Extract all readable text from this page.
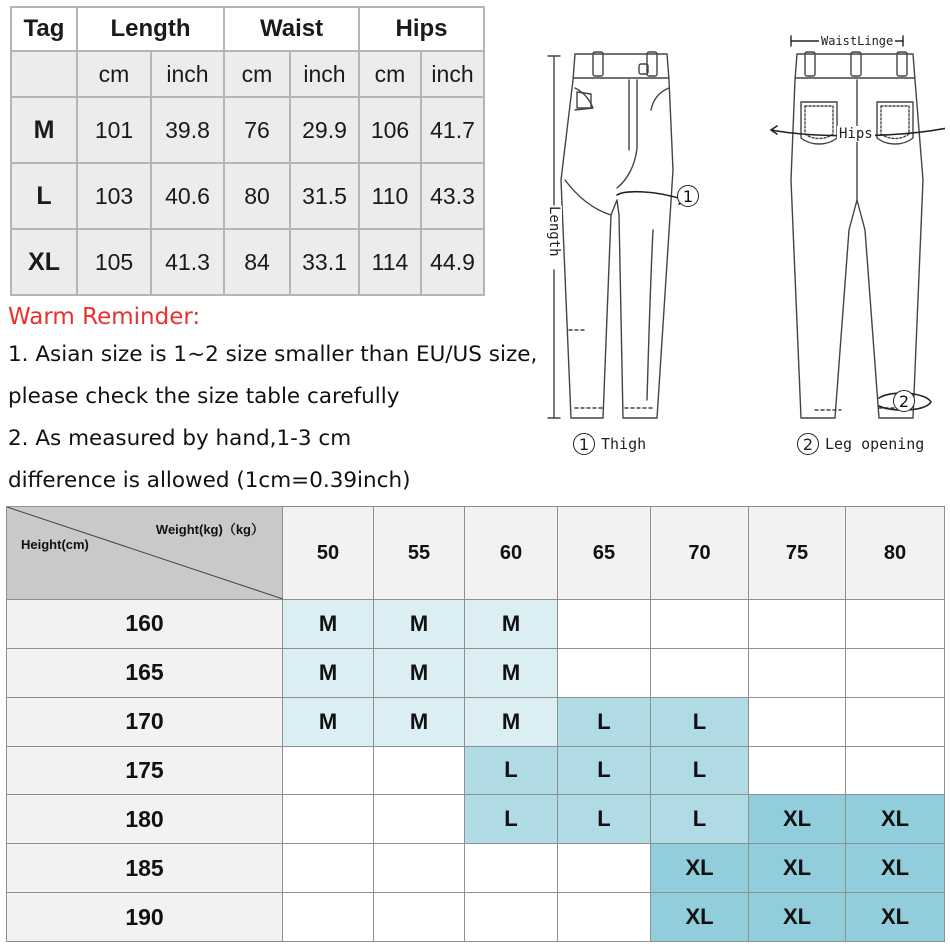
Tag	Length		Waist		Hips	
	cm	inch	cm	inch	cm	inch
M	101	39.8	76	29.9	106	41.7
L	103	40.6	80	31.5	110	43.3
XL	105	41.3	84	33.1	114	44.9

Warm Reminder:

1. Asian size is 1~2 size smaller than EU/US size,

please check the size table carefully

2. As measured by hand,1-3 cm

difference is allowed (1cm=0.39inch)

WaistLinge
Hips
Length
1
2
1 Thigh	2 Leg opening
Weight(kg)（kg）
Height(cm)	50	55	60	65	70	75	80
160	M	M	M				
165	M	M	M				
170	M	M	M	L	L		
175			L	L	L		
180			L	L	L	XL	XL
185					XL	XL	XL
190					XL	XL	XL
